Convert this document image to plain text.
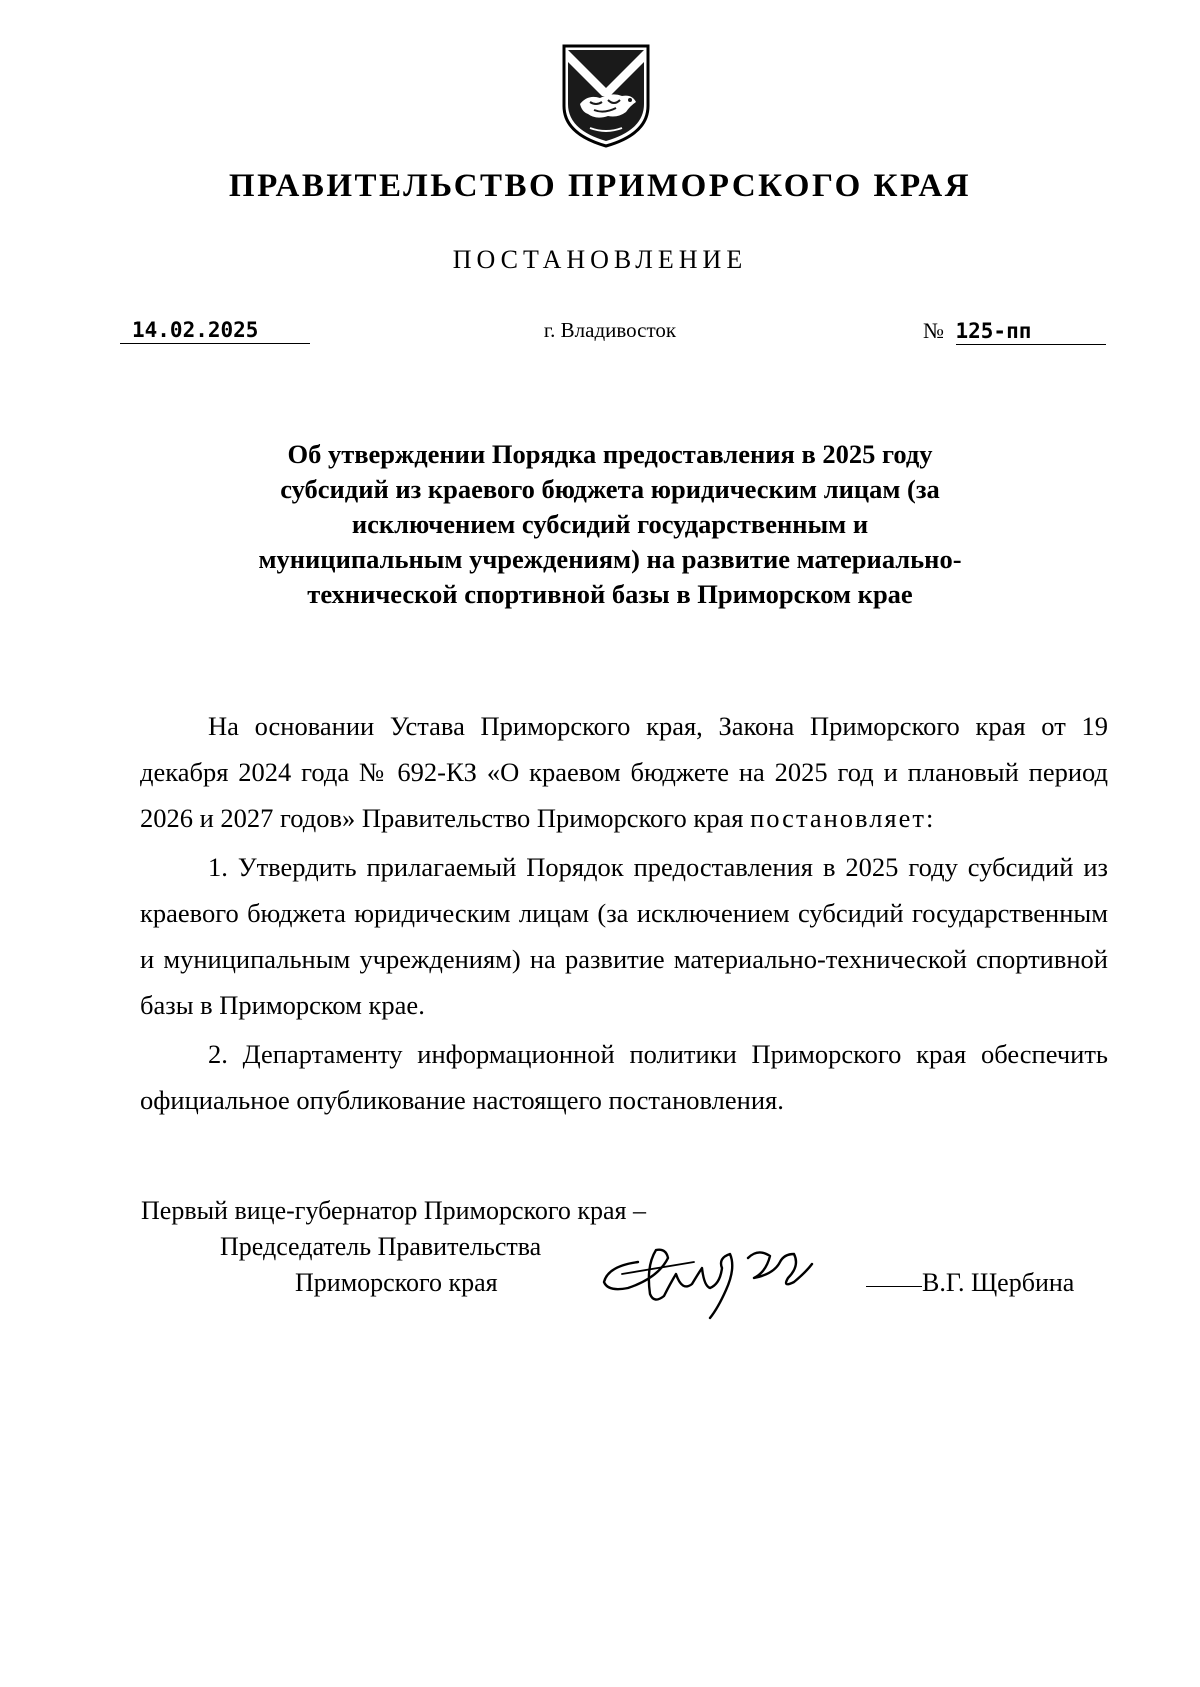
ПРАВИТЕЛЬСТВО ПРИМОРСКОГО КРАЯ
ПОСТАНОВЛЕНИЕ
14.02.2025	г. Владивосток	№ 125-пп
Об утверждении Порядка предоставления в 2025 году
субсидий из краевого бюджета юридическим лицам (за
исключением субсидий государственным и
муниципальным учреждениям) на развитие материально-
технической спортивной базы в Приморском крае

На основании Устава Приморского края, Закона Приморского края от 19 декабря 2024 года № 692-КЗ «О краевом бюджете на 2025 год и плановый период 2026 и 2027 годов» Правительство Приморского края постановляет:

1. Утвердить прилагаемый Порядок предоставления в 2025 году субсидий из краевого бюджета юридическим лицам (за исключением субсидий государственным и муниципальным учреждениям) на развитие материально-технической спортивной базы в Приморском крае.

2. Департаменту информационной политики Приморского края обеспечить официальное опубликование настоящего постановления.

Первый вице-губернатор Приморского края –
Председатель Правительства
Приморского края	В.Г. Щербина
